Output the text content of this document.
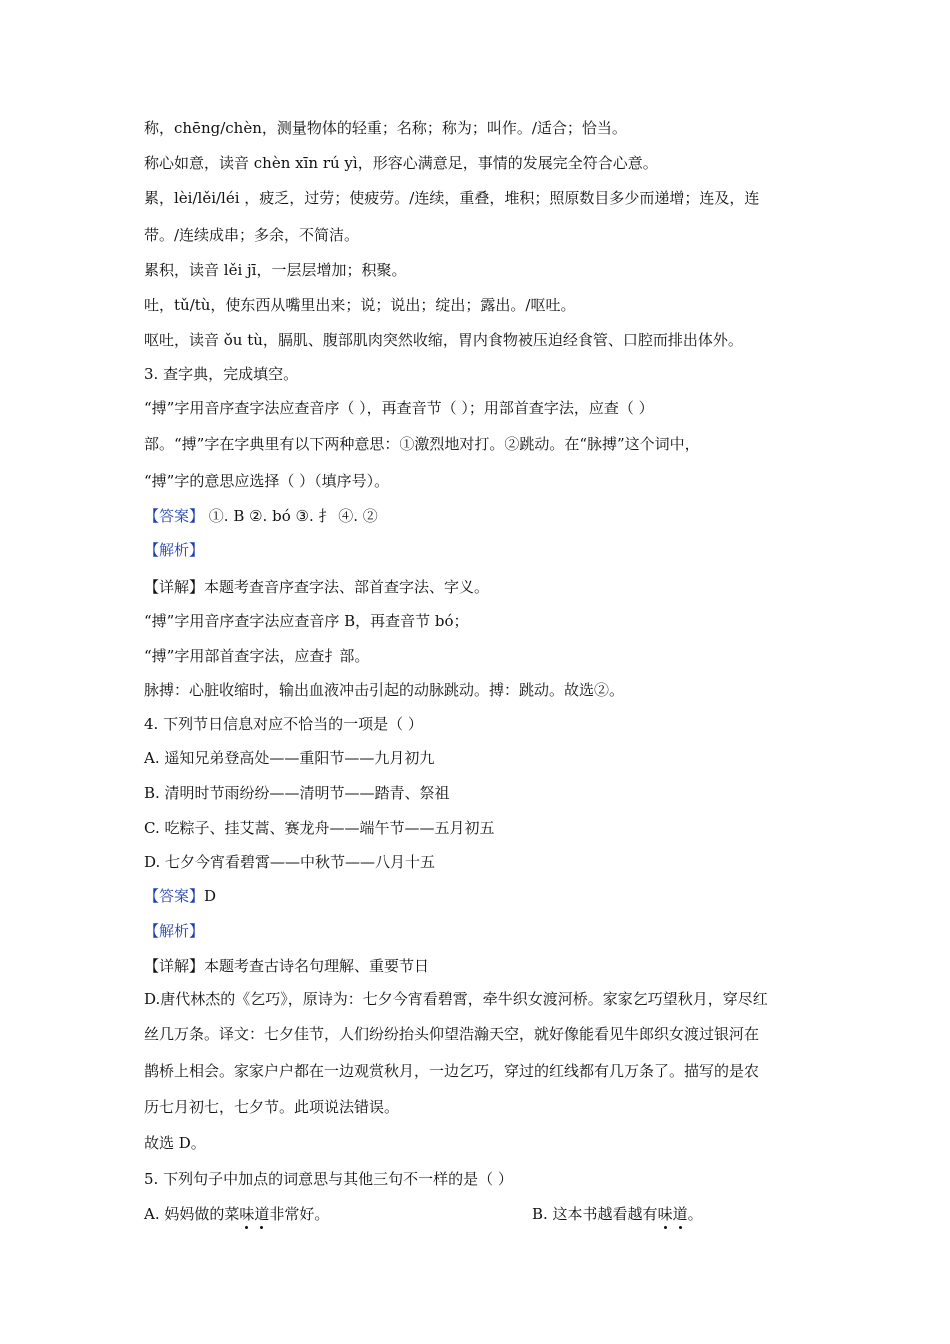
称，chēng/chèn，测量物体的轻重；名称；称为；叫作。/适合；恰当。
称心如意，读音 chèn xīn rú yì，形容心满意足，事情的发展完全符合心意。
累，lèi/lěi/léi ，疲乏，过劳；使疲劳。/连续，重叠，堆积；照原数目多少而递增；连及，连
带。/连续成串；多余，不简洁。
累积，读音 lěi jī，一层层增加；积聚。
吐，tǔ/tù，使东西从嘴里出来；说；说出；绽出；露出。/呕吐。
呕吐，读音 ǒu tù，膈肌、腹部肌肉突然收缩，胃内食物被压迫经食管、口腔而排出体外。
3. 查字典，完成填空。
“搏”字用音序查字法应查音序（ ），再查音节（ ）；用部首查字法，应查（ ）
部。“搏”字在字典里有以下两种意思：①激烈地对打。②跳动。在“脉搏”这个词中，
“搏”字的意思应选择（ ）（填序号）。
【答案】 ①. B ②. bó ③. 扌 ④. ②
【解析】
【详解】本题考查音序查字法、部首查字法、字义。
“搏”字用音序查字法应查音序 B，再查音节 bó；
“搏”字用部首查字法，应查扌部。
脉搏：心脏收缩时，输出血液冲击引起的动脉跳动。搏：跳动。故选②。
4. 下列节日信息对应不恰当的一项是（ ）
A. 遥知兄弟登高处——重阳节——九月初九
B. 清明时节雨纷纷——清明节——踏青、祭祖
C. 吃粽子、挂艾蒿、赛龙舟——端午节——五月初五
D. 七夕今宵看碧霄——中秋节——八月十五
【答案】D
【解析】
【详解】本题考查古诗名句理解、重要节日
D.唐代林杰的《乞巧》，原诗为：七夕今宵看碧霄，牵牛织女渡河桥。家家乞巧望秋月，穿尽红
丝几万条。译文：七夕佳节，人们纷纷抬头仰望浩瀚天空，就好像能看见牛郎织女渡过银河在
鹊桥上相会。家家户户都在一边观赏秋月，一边乞巧，穿过的红线都有几万条了。描写的是农
历七月初七，七夕节。此项说法错误。
故选 D。
5. 下列句子中加点的词意思与其他三句不一样的是（ ）
A. 妈妈做的菜味道
非常好。	B. 这本书越看越有味道
。
